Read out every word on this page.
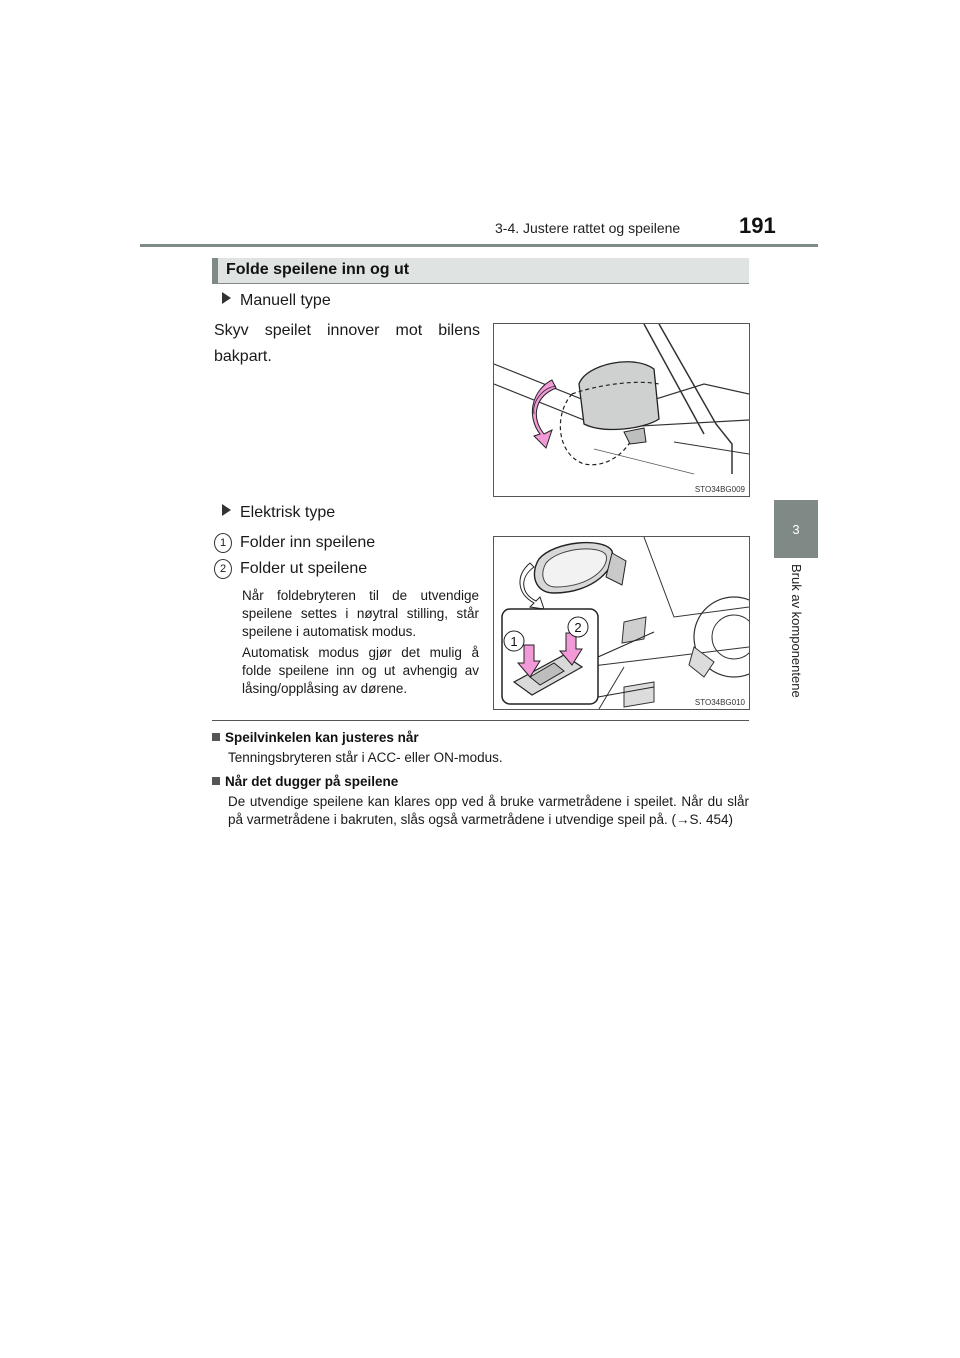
3-4. Justere rattet og speilene	191
3
Bruk av komponentene
Folde speilene inn og ut
Manuell type
Skyv speilet innover mot bilens bakpart.
STO34BG009
Elektrisk type
1 Folder inn speilene
2 Folder ut speilene
Når foldebryteren til de utvendige speilene settes i nøytral stilling, står speilene i automatisk modus.
Automatisk modus gjør det mulig å folde speilene inn og ut avhengig av låsing/opplåsing av dørene.
1
2
STO34BG010
Speilvinkelen kan justeres når
Tenningsbryteren står i ACC- eller ON-modus.
Når det dugger på speilene
De utvendige speilene kan klares opp ved å bruke varmetrådene i speilet. Når du slår på varmetrådene i bakruten, slås også varmetrådene i utvendige speil på. (→S. 454)
